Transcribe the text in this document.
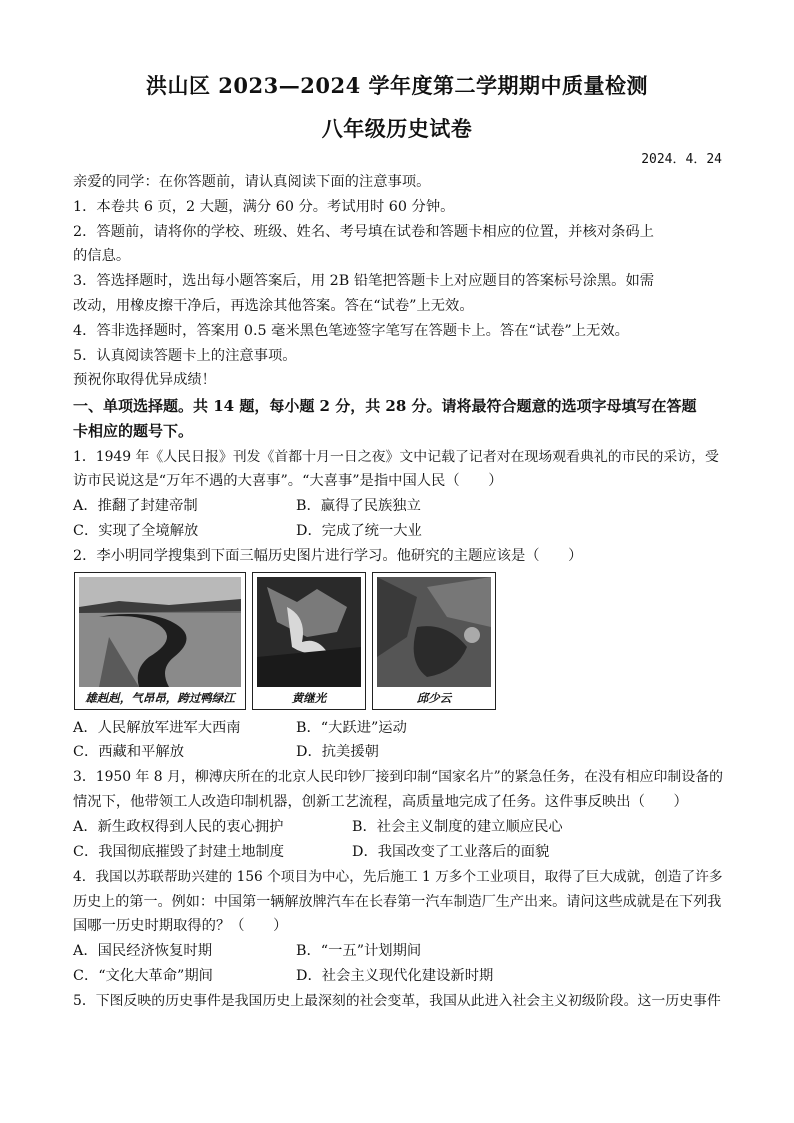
洪山区 2023—2024 学年度第二学期期中质量检测
八年级历史试卷
2024．4．24
亲爱的同学：在你答题前，请认真阅读下面的注意事项。
1．本卷共 6 页，2 大题，满分 60 分。考试用时 60 分钟。
2．答题前，请将你的学校、班级、姓名、考号填在试卷和答题卡相应的位置，并核对条码上
的信息。
3．答选择题时，选出每小题答案后，用 2B 铅笔把答题卡上对应题目的答案标号涂黑。如需
改动，用橡皮擦干净后，再选涂其他答案。答在“试卷”上无效。
4．答非选择题时，答案用 0.5 毫米黑色笔迹签字笔写在答题卡上。答在“试卷”上无效。
5．认真阅读答题卡上的注意事项。
预祝你取得优异成绩！
一、单项选择题。共 14 题，每小题 2 分，共 28 分。请将最符合题意的选项字母填写在答题
卡相应的题号下。
1．1949 年《人民日报》刊发《首都十月一日之夜》文中记载了记者对在现场观看典礼的市民的采访，受
访市民说这是“万年不遇的大喜事”。“大喜事”是指中国人民（　　）
A．推翻了封建帝制	B．赢得了民族独立
C．实现了全境解放	D．完成了统一大业
2．李小明同学搜集到下面三幅历史图片进行学习。他研究的主题应该是（　　）
雄赳赳，气昂昂，跨过鸭绿江	黄继光	邱少云
A．人民解放军进军大西南	B．“大跃进”运动
C．西藏和平解放	D．抗美援朝
3．1950 年 8 月，柳溥庆所在的北京人民印钞厂接到印制“国家名片”的紧急任务，在没有相应印制设备的
情况下，他带领工人改造印制机器，创新工艺流程，高质量地完成了任务。这件事反映出（　　）
A．新生政权得到人民的衷心拥护	B．社会主义制度的建立顺应民心
C．我国彻底摧毁了封建土地制度	D．我国改变了工业落后的面貌
4．我国以苏联帮助兴建的 156 个项目为中心，先后施工 1 万多个工业项目，取得了巨大成就，创造了许多
历史上的第一。例如：中国第一辆解放牌汽车在长春第一汽车制造厂生产出来。请问这些成就是在下列我
国哪一历史时期取得的？（　　）
A．国民经济恢复时期	B．“一五”计划期间
C．“文化大革命”期间	D．社会主义现代化建设新时期
5．下图反映的历史事件是我国历史上最深刻的社会变革，我国从此进入社会主义初级阶段。这一历史事件
